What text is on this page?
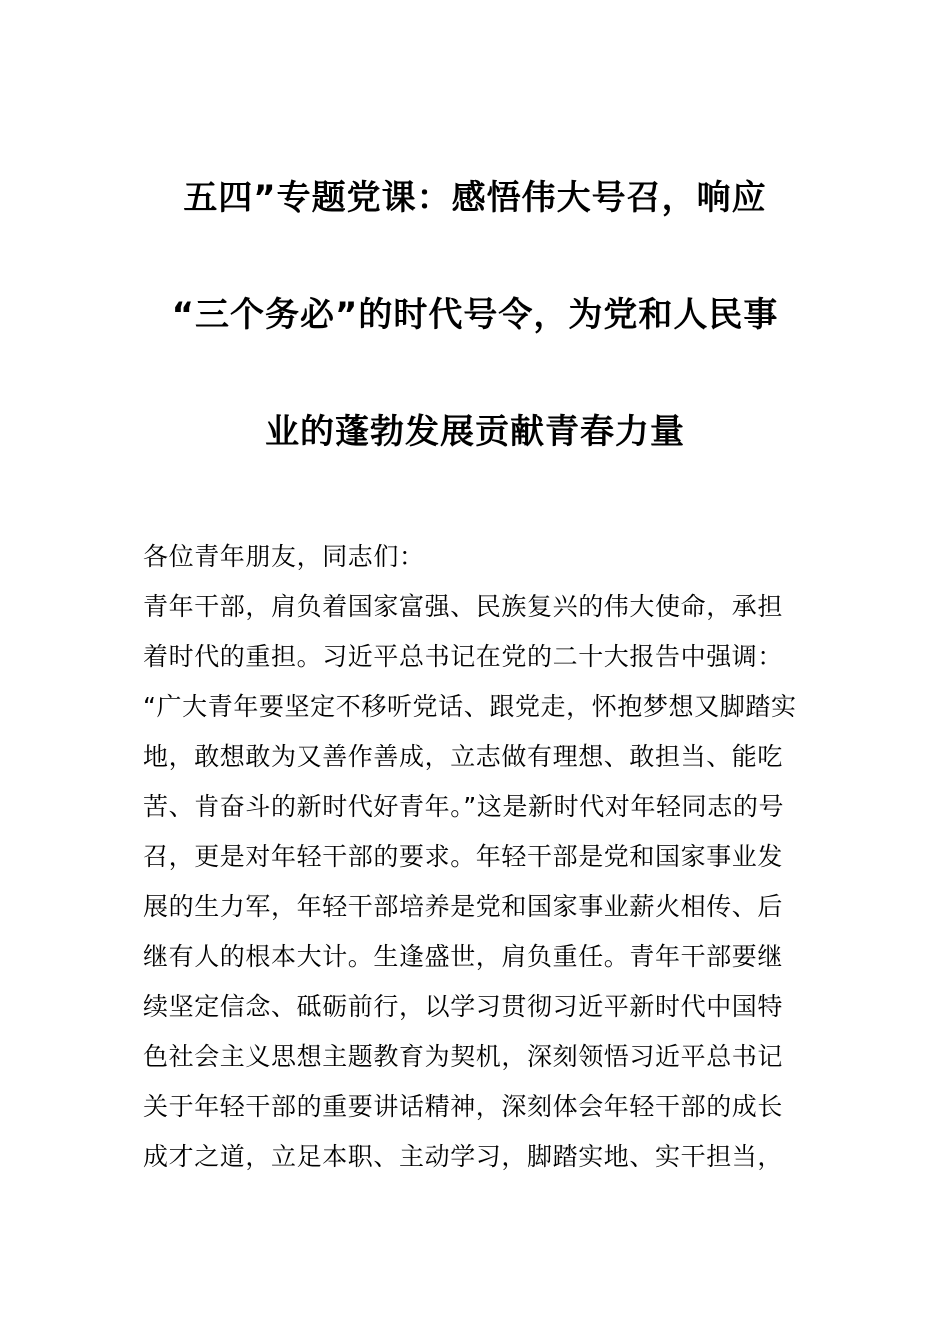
五四”专题党课：感悟伟大号召，响应
“三个务必”的时代号令，为党和人民事
业的蓬勃发展贡献青春力量
各位青年朋友，同志们：
青年干部，肩负着国家富强、民族复兴的伟大使命，承担
着时代的重担。习近平总书记在党的二十大报告中强调：
“广大青年要坚定不移听党话、跟党走，怀抱梦想又脚踏实
地，敢想敢为又善作善成，立志做有理想、敢担当、能吃
苦、肯奋斗的新时代好青年。”这是新时代对年轻同志的号
召，更是对年轻干部的要求。年轻干部是党和国家事业发
展的生力军，年轻干部培养是党和国家事业薪火相传、后
继有人的根本大计。生逢盛世，肩负重任。青年干部要继
续坚定信念、砥砺前行，以学习贯彻习近平新时代中国特
色社会主义思想主题教育为契机，深刻领悟习近平总书记
关于年轻干部的重要讲话精神，深刻体会年轻干部的成长
成才之道，立足本职、主动学习，脚踏实地、实干担当，
